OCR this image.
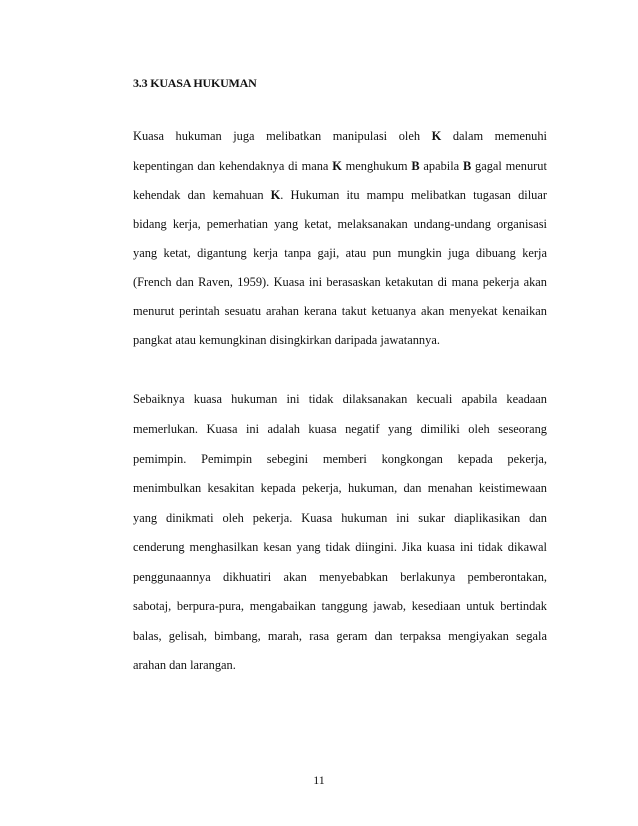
3.3 KUASA HUKUMAN
Kuasa hukuman juga melibatkan manipulasi oleh K dalam memenuhi
kepentingan dan kehendaknya di mana K menghukum B apabila B gagal menurut
kehendak dan kemahuan K. Hukuman itu mampu melibatkan tugasan diluar
bidang kerja, pemerhatian yang ketat, melaksanakan undang-undang organisasi
yang ketat, digantung kerja tanpa gaji, atau pun mungkin juga dibuang kerja
(French dan Raven, 1959). Kuasa ini berasaskan ketakutan di mana pekerja akan
menurut perintah sesuatu arahan kerana takut ketuanya akan menyekat kenaikan
pangkat atau kemungkinan disingkirkan daripada jawatannya.
Sebaiknya kuasa hukuman ini tidak dilaksanakan kecuali apabila keadaan
memerlukan. Kuasa ini adalah kuasa negatif yang dimiliki oleh seseorang
pemimpin. Pemimpin sebegini memberi kongkongan kepada pekerja,
menimbulkan kesakitan kepada pekerja, hukuman, dan menahan keistimewaan
yang dinikmati oleh pekerja. Kuasa hukuman ini sukar diaplikasikan dan
cenderung menghasilkan kesan yang tidak diingini. Jika kuasa ini tidak dikawal
penggunaannya dikhuatiri akan menyebabkan berlakunya pemberontakan,
sabotaj, berpura-pura, mengabaikan tanggung jawab, kesediaan untuk bertindak
balas, gelisah, bimbang, marah, rasa geram dan terpaksa mengiyakan segala
arahan dan larangan.
11
